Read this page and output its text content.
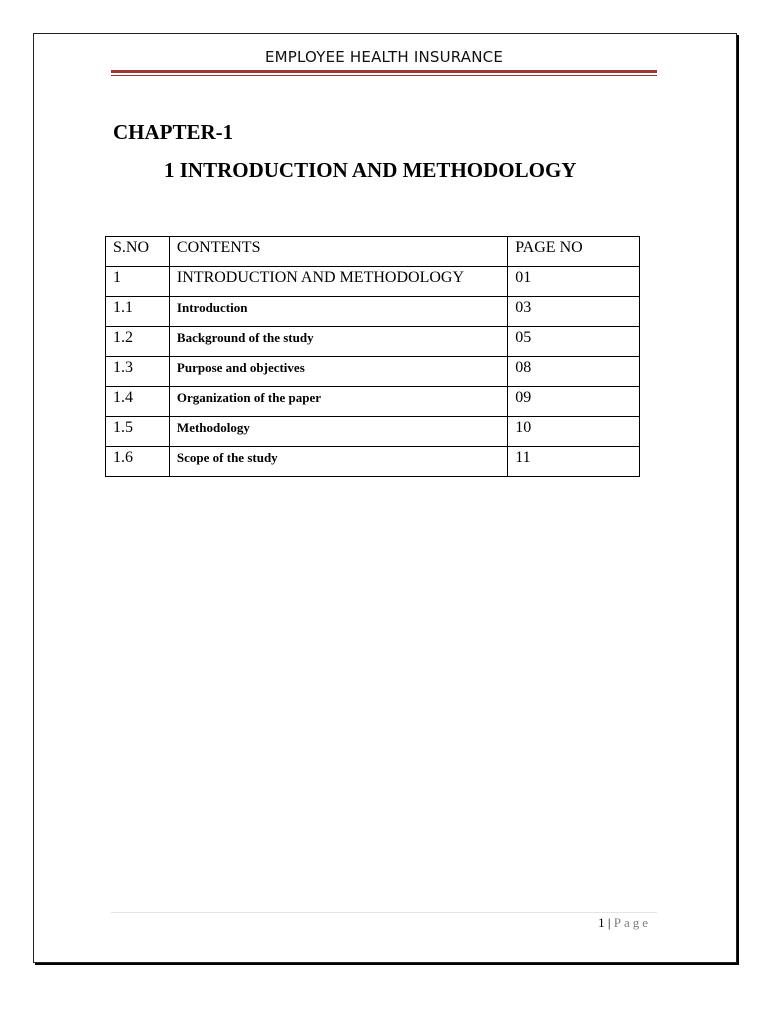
EMPLOYEE HEALTH INSURANCE
CHAPTER-1
1 INTRODUCTION AND METHODOLOGY
S.NO	CONTENTS	PAGE NO
1	INTRODUCTION AND METHODOLOGY	01
1.1	Introduction	03
1.2	Background of the study	05
1.3	Purpose and objectives	08
1.4	Organization of the paper	09
1.5	Methodology	10
1.6	Scope of the study	11
1 | Page
